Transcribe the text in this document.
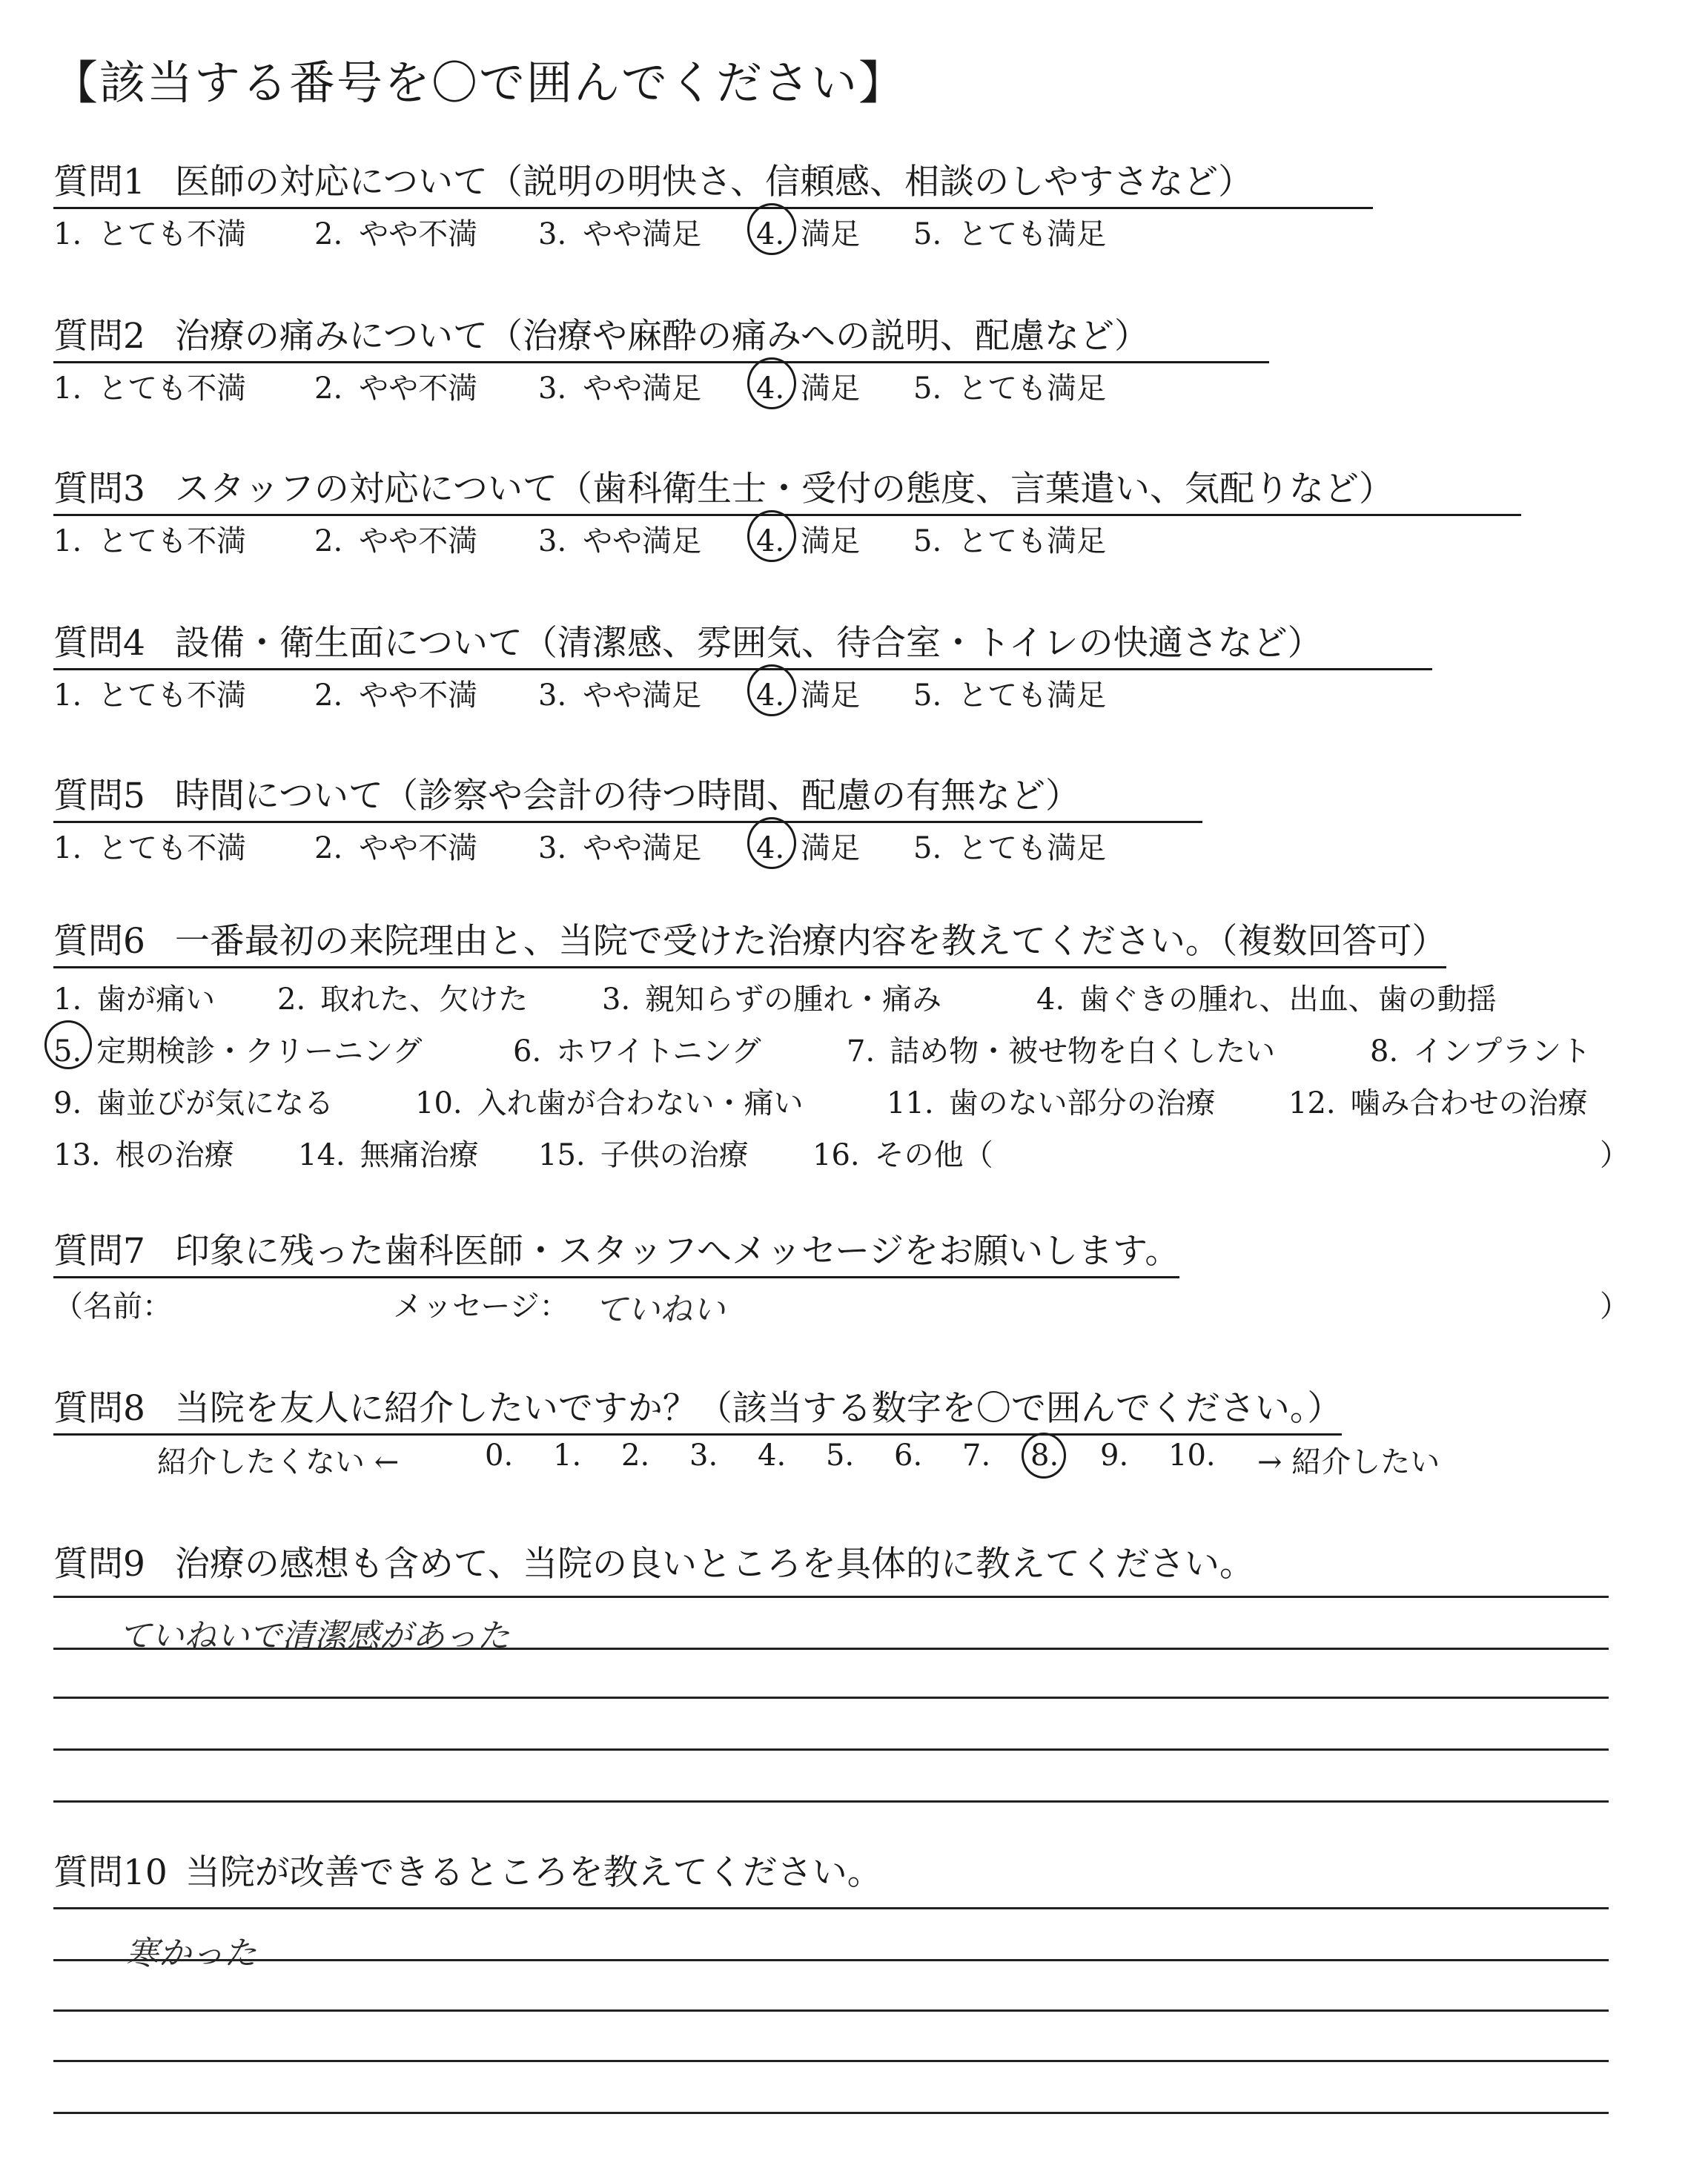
【該当する番号を〇で囲んでください】
質問1 医師の対応について（説明の明快さ、信頼感、相談のしやすさなど）
1. とても不満 2. やや不満 3. やや満足 4. 満足 5. とても満足
質問2 治療の痛みについて（治療や麻酔の痛みへの説明、配慮など）
1. とても不満 2. やや不満 3. やや満足 4. 満足 5. とても満足
質問3 スタッフの対応について（歯科衛生士・受付の態度、言葉遣い、気配りなど）
1. とても不満 2. やや不満 3. やや満足 4. 満足 5. とても満足
質問4 設備・衛生面について（清潔感、雰囲気、待合室・トイレの快適さなど）
1. とても不満 2. やや不満 3. やや満足 4. 満足 5. とても満足
質問5 時間について（診察や会計の待つ時間、配慮の有無など）
1. とても不満 2. やや不満 3. やや満足 4. 満足 5. とても満足
質問6 一番最初の来院理由と、当院で受けた治療内容を教えてください。（複数回答可）
1. 歯が痛い 2. 取れた、欠けた 3. 親知らずの腫れ・痛み	4. 歯ぐきの腫れ、出血、歯の動揺
5. 定期検診・クリーニング	6. ホワイトニング	7. 詰め物・被せ物を白くしたい	8. インプラント
9. 歯並びが気になる	10. 入れ歯が合わない・痛い	11. 歯のない部分の治療 12. 噛み合わせの治療
13. 根の治療 14. 無痛治療 15. 子供の治療 16. その他（	）
質問7 印象に残った歯科医師・スタッフへメッセージをお願いします。
（名前：	メッセージ： ていねい	）
質問8 当院を友人に紹介したいですか？（該当する数字を〇で囲んでください。）
紹介したくない ←	0. 1. 2. 3. 4. 5. 6. 7. 8. 9. 10. → 紹介したい
質問9 治療の感想も含めて、当院の良いところを具体的に教えてください。
ていねいで清潔感があった
質問10 当院が改善できるところを教えてください。
寒かった
